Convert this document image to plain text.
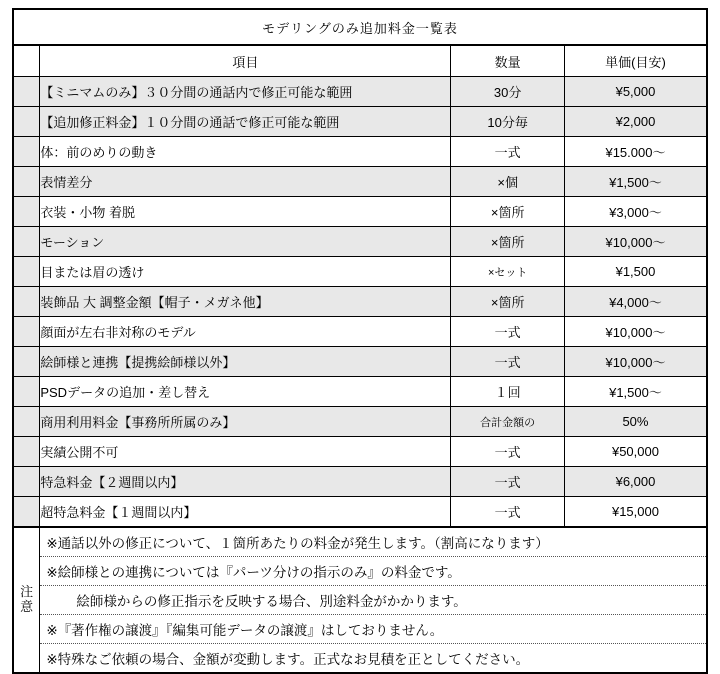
モデリングのみ追加料金一覧表
	項目	数量	単価(目安)
	【ミニマムのみ】３０分間の通話内で修正可能な範囲	30分	¥5,000
	【追加修正料金】１０分間の通話で修正可能な範囲	10分毎	¥2,000
	体：前のめりの動き	一式	¥15.000〜
	表情差分	×個	¥1,500〜
	衣装・小物 着脱	×箇所	¥3,000〜
	モーション	×箇所	¥10,000〜
	目または眉の透け	×セット	¥1,500
	装飾品 大 調整金額【帽子・メガネ他】	×箇所	¥4,000〜
	顔面が左右非対称のモデル	一式	¥10,000〜
	絵師様と連携【提携絵師様以外】	一式	¥10,000〜
	PSDデータの追加・差し替え	１回	¥1,500〜
	商用利用料金【事務所所属のみ】	合計金額の	50%
	実績公開不可	一式	¥50,000
	特急料金【２週間以内】	一式	¥6,000
	超特急料金【１週間以内】	一式	¥15,000

注
意

※通話以外の修正について、１箇所あたりの料金が発生します。（割高になります）
※絵師様との連携については『パーツ分けの指示のみ』の料金です。
絵師様からの修正指示を反映する場合、別途料金がかかります。
※『著作権の譲渡』『編集可能データの譲渡』はしておりません。
※特殊なご依頼の場合、金額が変動します。正式なお見積を正としてください。
